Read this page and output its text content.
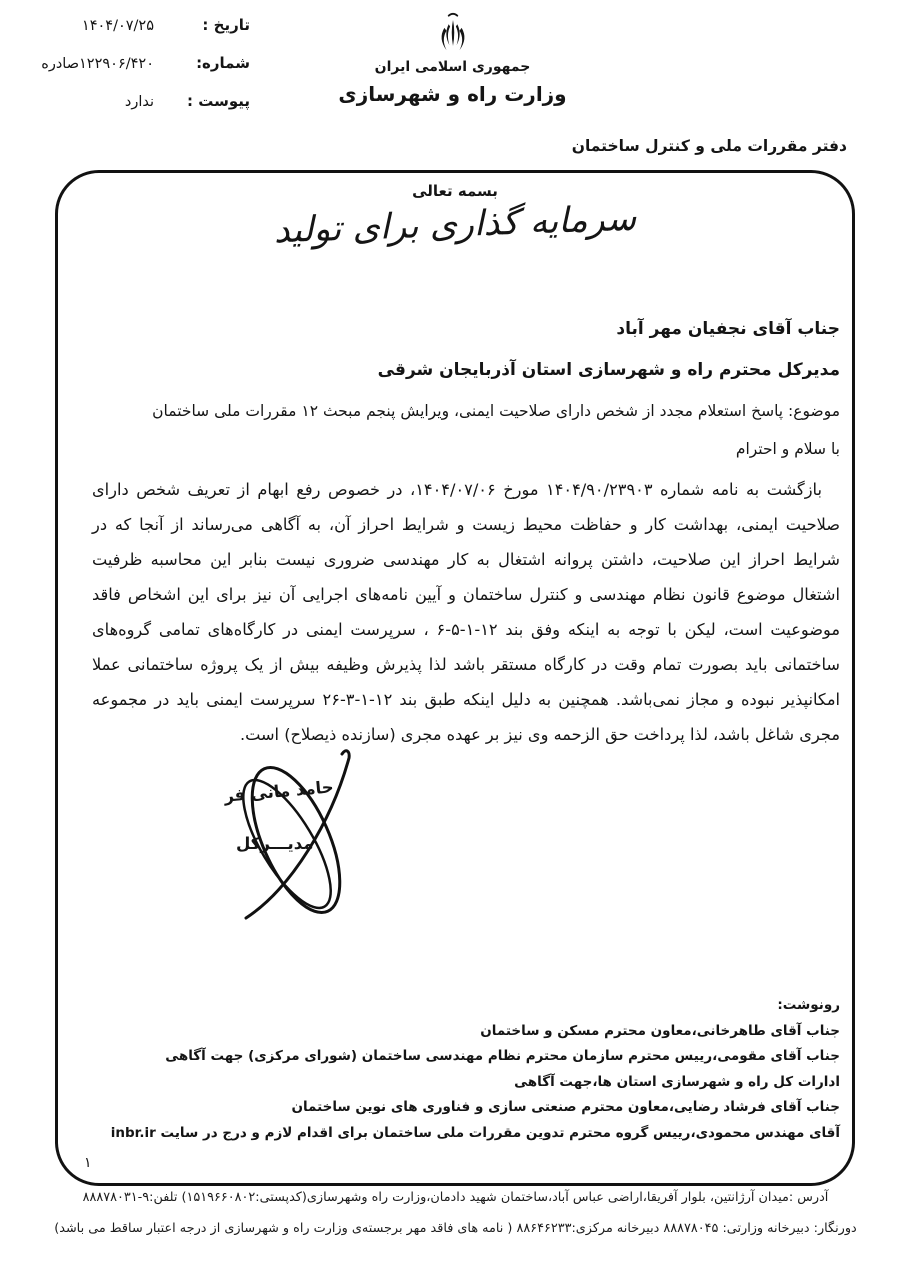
تاریخ :
۱۴۰۴/۰۷/۲۵
شماره:
۱۲۲۹۰۶/۴۲۰صادره
پیوست :
ندارد
جمهوری اسلامی ایران
وزارت راه و شهرسازی
دفتر مقررات ملی و کنترل ساختمان
بسمه تعالی
سرمایه گذاری برای تولید
جناب آقای نجفیان مهر آباد
مدیرکل محترم راه و شهرسازی استان آذربایجان شرقی
موضوع: پاسخ استعلام مجدد از شخص دارای صلاحیت ایمنی، ویرایش پنجم مبحث ۱۲ مقررات ملی ساختمان
با سلام و احترام
بازگشت به نامه شماره ۱۴۰۴/۹۰/۲۳۹۰۳ مورخ ۱۴۰۴/۰۷/۰۶، در خصوص رفع ابهام از تعریف شخص دارای صلاحیت ایمنی، بهداشت کار و حفاظت محیط زیست و شرایط احراز آن، به آگاهی می‌رساند از آنجا که در شرایط احراز این صلاحیت، داشتن پروانه اشتغال به کار مهندسی ضروری نیست بنابر این محاسبه ظرفیت اشتغال موضوع قانون نظام مهندسی و کنترل ساختمان و آیین نامه‌های اجرایی آن نیز برای این اشخاص فاقد موضوعیت است، لیکن با توجه به اینکه وفق بند ۱۲-۱-۵-۶ ، سرپرست ایمنی در کارگاه‌های تمامی گروه‌های ساختمانی باید بصورت تمام وقت در کارگاه مستقر باشد لذا پذیرش وظیفه بیش از یک پروژه ساختمانی عملا امکانپذیر نبوده و مجاز نمی‌باشد. همچنین به دلیل اینکه طبق بند ۱۲-۱-۳-۲۶ سرپرست ایمنی باید در مجموعه مجری شاغل باشد، لذا پرداخت حق الزحمه وی نیز بر عهده مجری (سازنده ذیصلاح) است.
حامد مانی فر
مدیـــرکل
رونوشت:
جناب آقای طاهرخانی،معاون محترم مسکن و ساختمان
جناب آقای مقومی،رییس محترم سازمان محترم نظام مهندسی ساختمان (شورای مرکزی) جهت آگاهی
ادارات کل راه و شهرسازی استان ها،جهت آگاهی
جناب آقای فرشاد رضایی،معاون محترم صنعتی سازی و فناوری های نوین ساختمان
آقای مهندس محمودی،رییس گروه محترم تدوین مقررات ملی ساختمان برای اقدام لازم و درج در سایت inbr.ir
۱
آدرس :میدان آرژانتین، بلوار آفریقا،اراضی عباس آباد،ساختمان شهید دادمان،وزارت راه وشهرسازی(کدپستی:۱۵۱۹۶۶۰۸۰۲) تلفن:۹-۸۸۸۷۸۰۳۱
دورنگار: دبیرخانه وزارتی: ۸۸۸۷۸۰۴۵ دبیرخانه مرکزی:۸۸۶۴۶۲۳۳ ( نامه های فاقد مهر برجسته‌ی وزارت راه و شهرسازی از درجه اعتبار ساقط می باشد)
